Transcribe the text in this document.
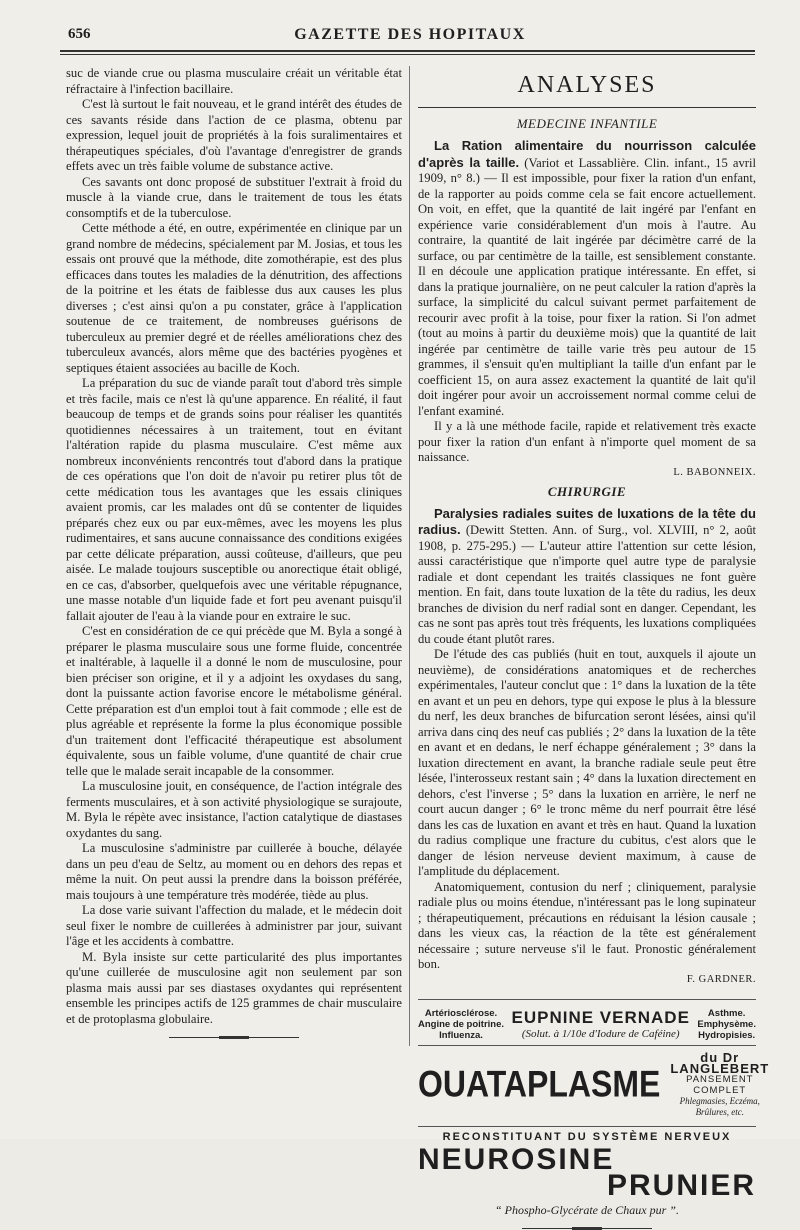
656	GAZETTE DES HOPITAUX

suc de viande crue ou plasma musculaire créait un véritable état réfractaire à l'infection bacillaire.

C'est là surtout le fait nouveau, et le grand intérêt des études de ces savants réside dans l'action de ce plasma, obtenu par expression, lequel jouit de propriétés à la fois suralimentaires et thérapeutiques spéciales, d'où l'avantage d'enregistrer de grands effets avec un très faible volume de substance active.

Ces savants ont donc proposé de substituer l'extrait à froid du muscle à la viande crue, dans le traitement de tous les états consomptifs et de la tuberculose.

Cette méthode a été, en outre, expérimentée en clinique par un grand nombre de médecins, spécialement par M. Josias, et tous les essais ont prouvé que la méthode, dite zomothérapie, est des plus efficaces dans toutes les maladies de la dénutrition, des affections de la poitrine et les états de faiblesse dus aux causes les plus diverses ; c'est ainsi qu'on a pu constater, grâce à l'application soutenue de ce traitement, de nombreuses guérisons de tuberculeux au premier degré et de réelles améliorations chez des tuberculeux avancés, alors même que des bactéries pyogènes et septiques étaient associées au bacille de Koch.

La préparation du suc de viande paraît tout d'abord très simple et très facile, mais ce n'est là qu'une apparence. En réalité, il faut beaucoup de temps et de grands soins pour réaliser les quantités quotidiennes nécessaires à un traitement, tout en évitant l'altération rapide du plasma musculaire. C'est même aux nombreux inconvénients rencontrés tout d'abord dans la pratique de ces opérations que l'on doit de n'avoir pu retirer plus tôt de cette médication tous les avantages que les essais cliniques avaient promis, car les malades ont dû se contenter de liquides préparés chez eux ou par eux-mêmes, avec les moyens les plus rudimentaires, et sans aucune connaissance des conditions exigées par cette délicate préparation, aussi coûteuse, d'ailleurs, que peu aisée. Le malade toujours susceptible ou anorectique était obligé, en ce cas, d'absorber, quelquefois avec une véritable répugnance, une masse notable d'un liquide fade et fort peu avenant puisqu'il fallait ajouter de l'eau à la viande pour en extraire le suc.

C'est en considération de ce qui précède que M. Byla a songé à préparer le plasma musculaire sous une forme fluide, concentrée et inaltérable, à laquelle il a donné le nom de musculosine, pour bien préciser son origine, et il y a adjoint les oxydases du sang, dont la puissante action favorise encore le métabolisme général. Cette préparation est d'un emploi tout à fait commode ; elle est de plus agréable et représente la forme la plus économique possible d'un traitement dont l'efficacité thérapeutique est absolument équivalente, sous un faible volume, d'une quantité de chair crue telle que le malade serait incapable de la consommer.

La musculosine jouit, en conséquence, de l'action intégrale des ferments musculaires, et à son activité physiologique se surajoute, M. Byla le répète avec insistance, l'action catalytique de diastases oxydantes du sang.

La musculosine s'administre par cuillerée à bouche, délayée dans un peu d'eau de Seltz, au moment ou en dehors des repas et même la nuit. On peut aussi la prendre dans la boisson préférée, mais toujours à une température très modérée, tiède au plus.

La dose varie suivant l'affection du malade, et le médecin doit seul fixer le nombre de cuillerées à administrer par jour, suivant l'âge et les accidents à combattre.

M. Byla insiste sur cette particularité des plus importantes qu'une cuillerée de musculosine agit non seulement par son plasma mais aussi par ses diastases oxydantes qui représentent ensemble les principes actifs de 125 grammes de chair musculaire et de protoplasma globulaire.

ANALYSES
MEDECINE INFANTILE

La Ration alimentaire du nourrisson calculée d'après la taille. (Variot et Lassablière. Clin. infant., 15 avril 1909, n° 8.) — Il est impossible, pour fixer la ration d'un enfant, de la rapporter au poids comme cela se fait encore actuellement. On voit, en effet, que la quantité de lait ingéré par l'enfant en expérience varie considérablement d'un mois à l'autre. Au contraire, la quantité de lait ingérée par décimètre carré de la surface, ou par centimètre de la taille, est sensiblement constante. Il en découle une application pratique intéressante. En effet, si dans la pratique journalière, on ne peut calculer la ration d'après la surface, la simplicité du calcul suivant permet parfaitement de recourir avec profit à la toise, pour fixer la ration. Si l'on admet (tout au moins à partir du deuxième mois) que la quantité de lait ingérée par centimètre de taille varie très peu autour de 15 grammes, il s'ensuit qu'en multipliant la taille d'un enfant par le coefficient 15, on aura assez exactement la quantité de lait qu'il doit ingérer pour avoir un accroissement normal comme celui de l'enfant examiné.

Il y a là une méthode facile, rapide et relativement très exacte pour fixer la ration d'un enfant à n'importe quel moment de sa naissance.

L. BABONNEIX.
CHIRURGIE

Paralysies radiales suites de luxations de la tête du radius. (Dewitt Stetten. Ann. of Surg., vol. XLVIII, n° 2, août 1908, p. 275-295.) — L'auteur attire l'attention sur cette lésion, aussi caractéristique que n'importe quel autre type de paralysie radiale et dont cependant les traités classiques ne font guère mention. En fait, dans toute luxation de la tête du radius, les deux branches de division du nerf radial sont en danger. Cependant, les cas ne sont pas après tout très fréquents, les luxations compliquées du coude étant plutôt rares.

De l'étude des cas publiés (huit en tout, auxquels il ajoute un neuvième), de considérations anatomiques et de recherches expérimentales, l'auteur conclut que : 1° dans la luxation de la tête en avant et un peu en dehors, type qui expose le plus à la blessure du nerf, les deux branches de bifurcation seront lésées, ainsi qu'il arriva dans cinq des neuf cas publiés ; 2° dans la luxation de la tête en avant et en dedans, le nerf échappe généralement ; 3° dans la luxation directement en avant, la branche radiale seule peut être lésée, l'interosseux restant sain ; 4° dans la luxation directement en dehors, c'est l'inverse ; 5° dans la luxation en arrière, le nerf ne court aucun danger ; 6° le tronc même du nerf pourrait être lésé dans les cas de luxation en avant et très en haut. Quand la luxation du radius complique une fracture du cubitus, c'est alors que le danger de lésion nerveuse devient maximum, à cause de l'amplitude du déplacement.

Anatomiquement, contusion du nerf ; cliniquement, paralysie radiale plus ou moins étendue, n'intéressant pas le long supinateur ; thérapeutiquement, précautions en réduisant la lésion causale ; dans les vieux cas, la réaction de la tête est généralement nécessaire ; suture nerveuse s'il le faut. Pronostic généralement bon.

F. GARDNER.
Artériosclérose.
Angine de poitrine.
Influenza.
EUPNINE VERNADE
(Solut. à 1/10e d'Iodure de Caféine)
Asthme.
Emphysème.
Hydropisies.
OUATAPLASME
du Dr LANGLEBERT
PANSEMENT COMPLET
Phlegmasies, Eczéma, Brûlures, etc.
RECONSTITUANT DU SYSTÈME NERVEUX
NEUROSINE
PRUNIER
“ Phospho-Glycérate de Chaux pur ”.
